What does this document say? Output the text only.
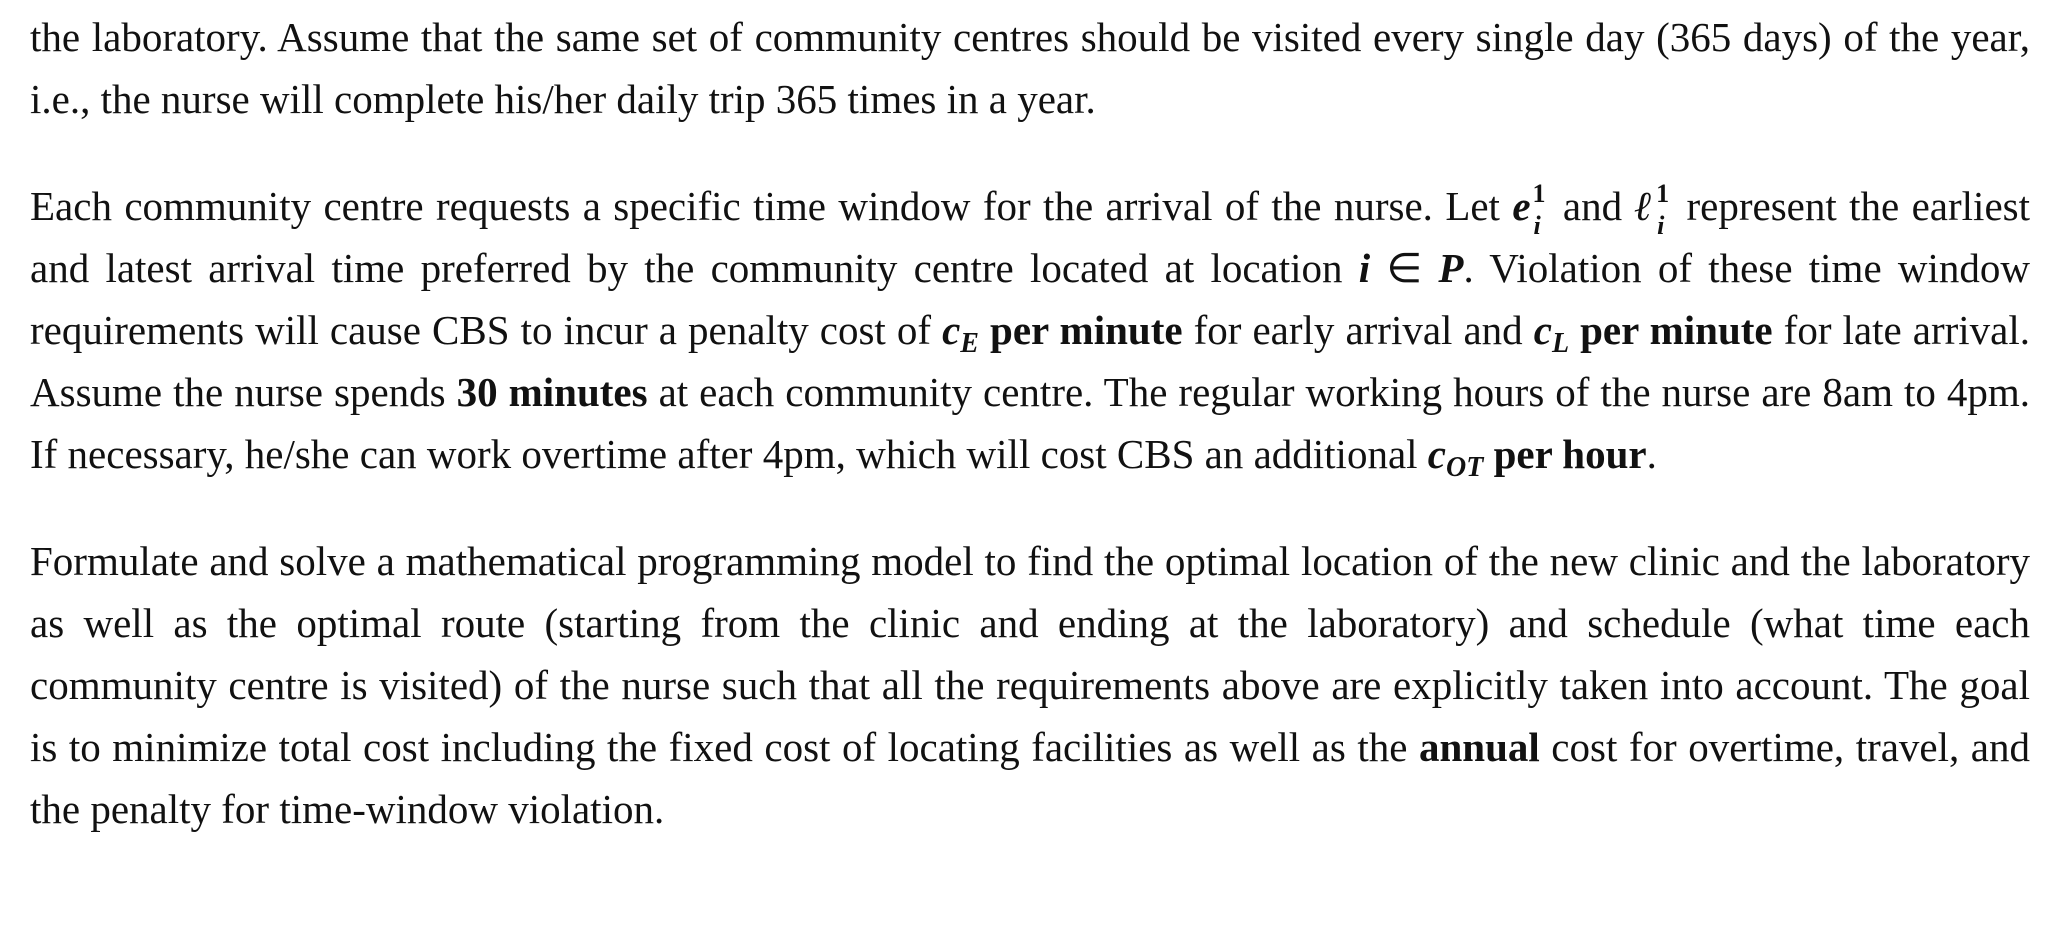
the laboratory. Assume that the same set of community centres should be visited every single day (365 days) of the year, i.e., the nurse will complete his/her daily trip 365 times in a year.

Each community centre requests a specific time window for the arrival of the nurse. Let e 1
i and ℓ 1
i represent the earliest and latest arrival time preferred by the community centre located at location i ∈ P. Violation of these time window requirements will cause CBS to incur a penalty cost of $c_E$ per minute for early arrival and $c_L$ per minute for late arrival. Assume the nurse spends 30 minutes at each community centre. The regular working hours of the nurse are 8am to 4pm. If necessary, he/she can work overtime after 4pm, which will cost CBS an additional $c_{OT}$ per hour.

Formulate and solve a mathematical programming model to find the optimal location of the new clinic and the laboratory as well as the optimal route (starting from the clinic and ending at the laboratory) and schedule (what time each community centre is visited) of the nurse such that all the requirements above are explicitly taken into account. The goal is to minimize total cost including the fixed cost of locating facilities as well as the annual cost for overtime, travel, and the penalty for time-window violation.
